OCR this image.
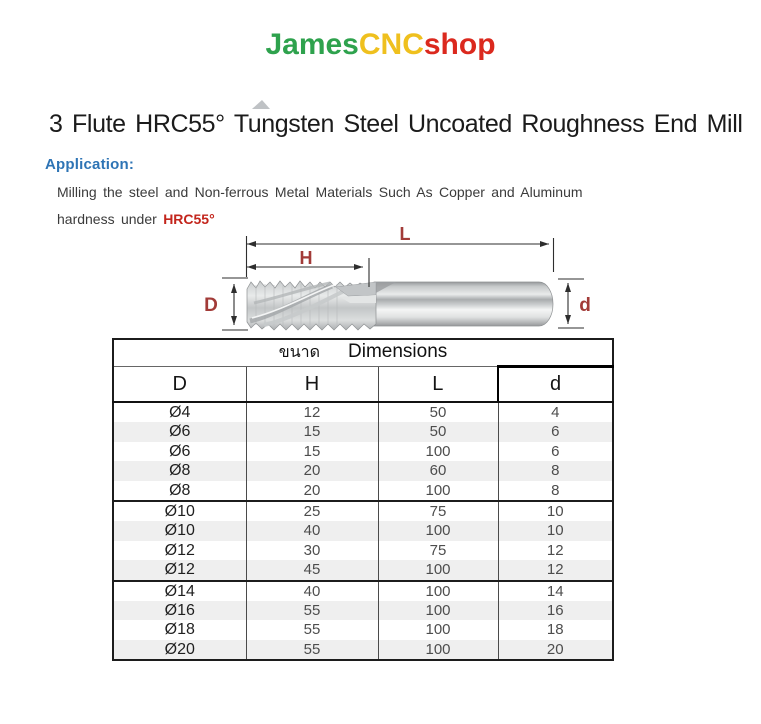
JamesCNCshop
3 Flute HRC55° Tungsten Steel Uncoated Roughness End Mill
Application:
Milling the steel and Non-ferrous Metal Materials Such As Copper and Aluminum
hardness under HRC55°
L
H
D	d
ขนาด Dimensions			
D	H	L	d
Ø4	12	50	4
Ø6	15	50	6
Ø6	15	100	6
Ø8	20	60	8
Ø8	20	100	8
Ø10	25	75	10
Ø10	40	100	10
Ø12	30	75	12
Ø12	45	100	12
Ø14	40	100	14
Ø16	55	100	16
Ø18	55	100	18
Ø20	55	100	20
